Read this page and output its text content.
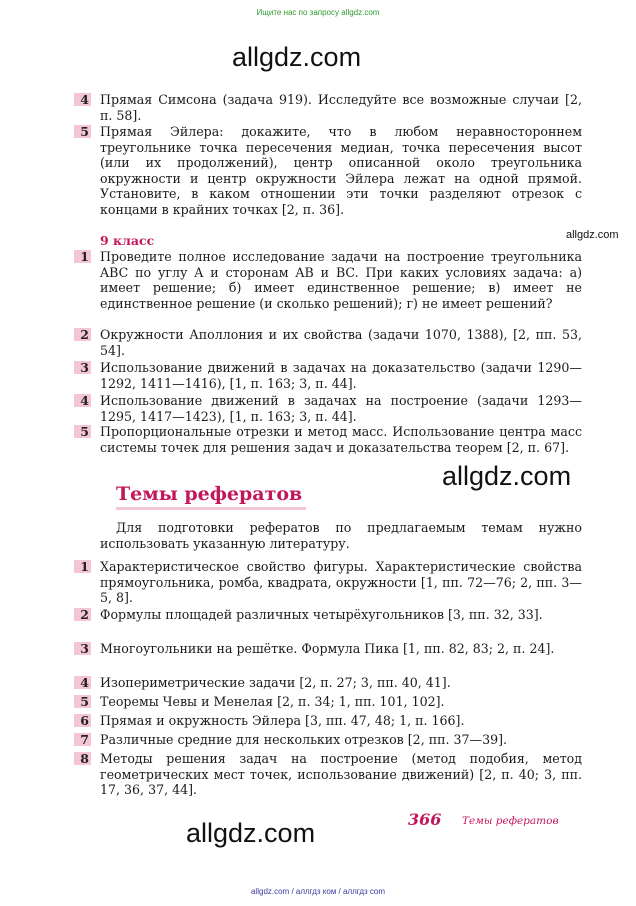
Ищите нас по запросу allgdz.com
allgdz.com
allgdz.com
allgdz.com
allgdz.com
4 Прямая Симсона (задача 919). Исследуйте все возможные случаи [2, п. 58].
5 Прямая Эйлера: докажите, что в любом неравностороннем треугольнике точка пересечения медиан, точка пересечения высот (или их продолжений), центр описанной около треугольника окружности и центр окружности Эйлера лежат на одной прямой. Установите, в каком отношении эти точки разделяют отрезок с концами в крайних точках [2, п. 36].
9 класс
1 Проведите полное исследование задачи на построение треугольника ABC по углу A и сторонам AB и BC. При каких условиях задача: а) имеет решение; б) имеет единственное решение; в) имеет не единственное решение (и сколько решений); г) не имеет решений?
2 Окружности Аполлония и их свойства (задачи 1070, 1388), [2, пп. 53, 54].
3 Использование движений в задачах на доказательство (задачи 1290—1292, 1411—1416), [1, п. 163; 3, п. 44].
4 Использование движений в задачах на построение (задачи 1293—1295, 1417—1423), [1, п. 163; 3, п. 44].
5 Пропорциональные отрезки и метод масс. Использование центра масс системы точек для решения задач и доказательства теорем [2, п. 67].
Темы рефератов
Для подготовки рефератов по предлагаемым темам нужно использовать указанную литературу.
1 Характеристическое свойство фигуры. Характеристические свойства прямоугольника, ромба, квадрата, окружности [1, пп. 72—76; 2, пп. 3—5, 8].
2 Формулы площадей различных четырёхугольников [3, пп. 32, 33].
3 Многоугольники на решётке. Формула Пика [1, пп. 82, 83; 2, п. 24].
4 Изопериметрические задачи [2, п. 27; 3, пп. 40, 41].
5 Теоремы Чевы и Менелая [2, п. 34; 1, пп. 101, 102].
6 Прямая и окружность Эйлера [3, пп. 47, 48; 1, п. 166].
7 Различные средние для нескольких отрезков [2, пп. 37—39].
8 Методы решения задач на построение (метод подобия, метод геометрических мест точек, использование движений) [2, п. 40; 3, пп. 17, 36, 37, 44].
366 Темы рефератов
allgdz.com / аллгдз ком / аллгдз com
